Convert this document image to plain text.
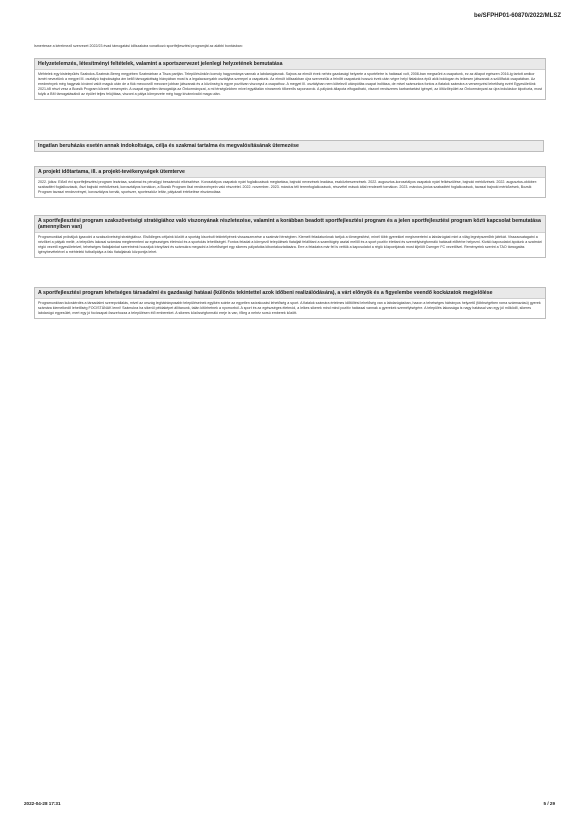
be/SFPHP01-60870/2022/MLSZ
Ismertesse a kérelmező szervezet 2022/23 évad támogatási időszakára vonatkozó sportfejlesztési programját az alábbi bontásban:
Helyzetelemzés, létesítményi feltételek, valamint a sportszervezet jelenlegi helyzetének bemutatása
Méhtelek egy kistelepülés Szabolcs-Szatmár-Bereg megyében Szatmárban a Tisza partján. Településünkön komoly hagyománya vannak a labdarúgásnak. Sajnos az elmúlt évek nehéz gazdasági helyzete a sportéletre is hatással volt, 2008-ban megszűnt a csapatunk, ez az állapot egészen 2016-ig tartott amikor ismét neveztünk a megyei III. osztályú bajnokságba ám kellő támogatottság hiányában most is a legalacsonyabb osztályba szerepel a csapatunk. Az elmúlt időszakban újra szerveztük a felnőtt csapatunk hosszú évek után végre helyi fiatalokra épül akik boldogan és lelkesen játszanak a szülőfaluk csapatában. Az eredmények még hagynak kívánni valót maguk után de a fiúk mecccsről meccsre jobban játszanak és a közönség is egyre pozitívan viszonyul a csapathoz. A megyei III. osztályban nem kötelező utánpótlás csapat indítása, de mivel számunkra fontos a fiatalok számára a versenyzési lehetőség ezért Egyesületünk 2021-től részt vesz a Bozsik Program körzeti versenyein. A csapat egyetlen támogatója az Önkormányzat, a mi térségünkben mivel egyáltalán nincsenek tőkeerős szponzorok. A pályánk állapota elfogadható, viszont rendszeres karbantartást igényel, az öltözőépület az Önkormányzat az újra induláskor kipofozta, most folyik a BM támogatásából az épület teljes felújítása, viszont a pálya környezete még hagy kívánnivalót maga után.
Ingatlan beruházás esetén annak indokoltsága, célja és szakmai tartalma és megvalósításának ütemezése
A projekt időtartama, ill. a projekt-tevékenységek ütemterve
2022. július: Előző évi sportfejlesztési program lezárása, szakmai és pénzügyi beszámoló elkészítése. Korosztályos csapatok nyári foglalkozások megtartása, bajnoki nevezések leadása, eszközbeszerzések. 2022. augusztus-korosztályos csapatok nyári felkészülése, bajnoki mérkőzések. 2022. augusztus-október: szabadtéri foglalkozások, őszi bajnoki mérkőzések, korosztályos tornákon, a Bozsik Program őszi rendezvényein való részvétel. 2022. november- 2023. március téli teremfoglalkozások, részvétel mások által rendezett tornákon. 2023. március-június szabadtéri foglalkozások, tavaszi bajnoki mérkőzések, Bozsik Program tavaszi rendezvényei, korosztályos tornák, sportszer, sporteszköz leltár, pályázati értékelése elszámolása
A sportfejlesztési program szakszövetségi stratégiához való viszonyának részletezése, valamint a korábban beadott sportfejlesztési program és a jelen sportfejlesztési program közti kapcsolat bemutatása (amennyiben van)
Programunkkal próbáljuk igazodni a szakszövetségi stratégiához. Elsődleges céljaink között a sportág kisorbult tekintélyének visszaszerzése a szatmári térségben. Kiemelt feladatunknak tartjuk a tömegesítést, minél több gyerekkel megismertetni a labdarúgást mint a világ legnépszerűbb játékát. Visszacsatagatni a nézőket a pályák mellé, a település lakosai számára megteremteni az egészséges életmód és a sportolás lehetőségét. Fontos feladat a környező települések fiataljait felállítani a szamitógép asztal mellől és a sport pozitív élettani és személyiségformáló hatásait előtérbe helyezni. Kiváló kapcsolatot ápolunk a szatmári régió vezető egyesületeivel, tehetséges fiataljainkat szeretnénk hozzájuk irányítani és számukra megadni a lehetőséget egy sikeres pályafutás kibontakoztatására. Erre a feladatra már fel is vettük a kapcsolatot a régió központjának most kijelölt Csenger FC vezetőivel. Reményeink szerint a TAO támogatás igénybevételével a méhteleki futballpálya a falu fiataljainak központja lehet.
A sportfejlesztési program lehetséges társadalmi és gazdasági hatásai (különös tekintettel azok időbeni realizálódására), a várt előnyök és a figyelembe veendő kockázatok megjelölése
Programunkban kulcskérdés a társadalmi szerepvállalás, mivel az ország leghátrányosabb településeinek egyikén sointe az egyetlen szórakozási lehetőség a sport. A fiatalok számára értelmes időtöltési lehetőség van a labdarúgásban, hazon a tehetséges hátrányos helyzetű (többségében roma származású) gyerek számára kiemelkedő lehetőség FOCISTÁNAK lenni! Számukra ha sikerül példaképet állítanunk, talán kitörhetnek a nyomorból. A sport és az egészséges életmód, a lelkes sikerek mind mind pozitív hatással vannak a gyerekek személyiségére. A település lakossága is nagy hatással van egy jól működő, sikeres labdarúgó egyesület, mert egy jó focicsapat összehozza a településen élő embereket. A sikeres közösségformáló ereje is van, főleg a nehéz sorsú emberek között.
2022-04-28 17:31	5 / 29
